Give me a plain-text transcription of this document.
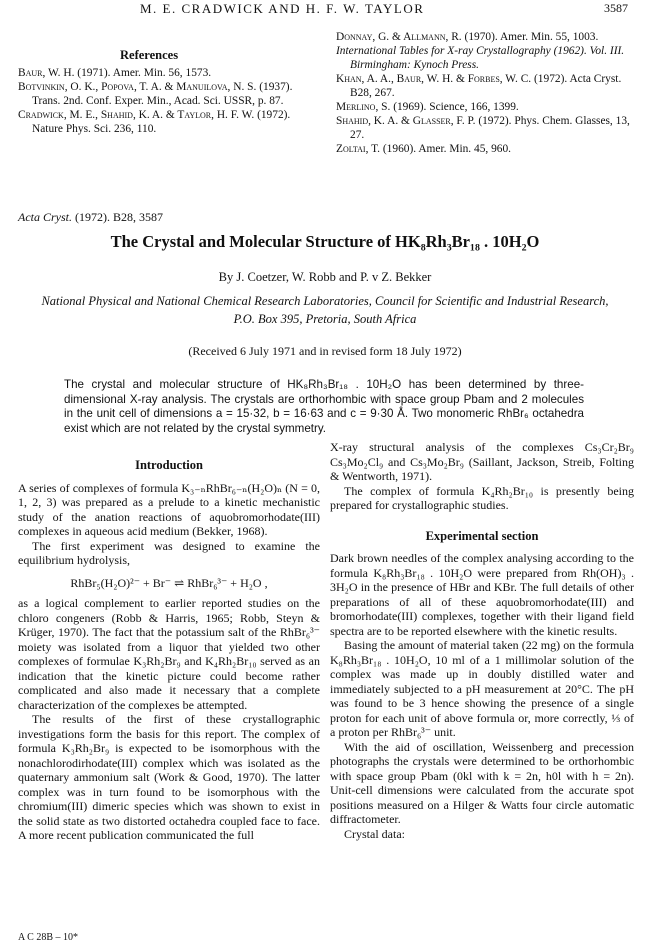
M. E. CRADWICK AND H. F. W. TAYLOR	3587
References

Baur, W. H. (1971). Amer. Min. 56, 1573.

Botvinkin, O. K., Popova, T. A. & Manuilova, N. S. (1937). Trans. 2nd. Conf. Exper. Min., Acad. Sci. USSR, p. 87.

Cradwick, M. E., Shahid, K. A. & Taylor, H. F. W. (1972). Nature Phys. Sci. 236, 110.

Donnay, G. & Allmann, R. (1970). Amer. Min. 55, 1003.

International Tables for X-ray Crystallography (1962). Vol. III. Birmingham: Kynoch Press.

Khan, A. A., Baur, W. H. & Forbes, W. C. (1972). Acta Cryst. B28, 267.

Merlino, S. (1969). Science, 166, 1399.

Shahid, K. A. & Glasser, F. P. (1972). Phys. Chem. Glasses, 13, 27.

Zoltai, T. (1960). Amer. Min. 45, 960.

Acta Cryst. (1972). B28, 3587
The Crystal and Molecular Structure of HK₈Rh₃Br₁₈ . 10H₂O
By J. Coetzer, W. Robb and P. v Z. Bekker
National Physical and National Chemical Research Laboratories, Council for Scientific and Industrial Research, P.O. Box 395, Pretoria, South Africa
(Received 6 July 1971 and in revised form 18 July 1972)
The crystal and molecular structure of HK₈Rh₃Br₁₈ . 10H₂O has been determined by three-dimensional X-ray analysis. The crystals are orthorhombic with space group Pbam and 2 molecules in the unit cell of dimensions a = 15·32, b = 16·63 and c = 9·30 Å. Two monomeric RhBr₆ octahedra exist which are not related by the crystal symmetry.
Introduction

A series of complexes of formula K₃₋ₙRhBr₆₋ₙ(H₂O)ₙ (N = 0, 1, 2, 3) was prepared as a prelude to a kinetic mechanistic study of the anation reactions of aquobromorhodate(III) complexes in aqueous acid medium (Bekker, 1968).

The first experiment was designed to examine the equilibrium hydrolysis,

RhBr₅(H₂O)²⁻ + Br⁻ ⇌ RhBr₆³⁻ + H₂O ,

as a logical complement to earlier reported studies on the chloro congeners (Robb & Harris, 1965; Robb, Steyn & Krüger, 1970). The fact that the potassium salt of the RhBr₆³⁻ moiety was isolated from a liquor that yielded two other complexes of formulae K₃Rh₂Br₉ and K₄Rh₂Br₁₀ served as an indication that the kinetic picture could become rather complicated and also made it necessary that a complete characterization of the complexes be attempted.

The results of the first of these crystallographic investigations form the basis for this report. The complex of formula K₃Rh₂Br₉ is expected to be isomorphous with the nonachlorodirhodate(III) complex which was isolated as the quaternary ammonium salt (Work & Good, 1970). The latter complex was in turn found to be isomorphous with the chromium(III) dimeric species which was shown to exist in the solid state as two distorted octahedra coupled face to face. A more recent publication communicated the full

X-ray structural analysis of the complexes Cs₃Cr₂Br₉ Cs₃Mo₂Cl₉ and Cs₃Mo₂Br₉ (Saillant, Jackson, Streib, Folting & Wentworth, 1971).

The complex of formula K₄Rh₂Br₁₀ is presently being prepared for crystallographic studies.

Experimental section

Dark brown needles of the complex analysing according to the formula K₈Rh₃Br₁₈ . 10H₂O were prepared from Rh(OH)₃ . 3H₂O in the presence of HBr and KBr. The full details of other preparations of all of these aquobromorhodate(III) and bromorhodate(III) complexes, together with their ligand field spectra are to be reported elsewhere with the kinetic results.

Basing the amount of material taken (22 mg) on the formula K₈Rh₃Br₁₈ . 10H₂O, 10 ml of a 1 millimolar solution of the complex was made up in doubly distilled water and immediately subjected to a pH measurement at 20°C. The pH was found to be 3 hence showing the presence of a single proton for each unit of above formula or, more correctly, ⅓ of a proton per RhBr₆³⁻ unit.

With the aid of oscillation, Weissenberg and precession photographs the crystals were determined to be orthorhombic with space group Pbam (0kl with k = 2n, h0l with h = 2n). Unit-cell dimensions were calculated from the accurate spot positions measured on a Hilger & Watts four circle automatic diffractometer.

Crystal data:

A C 28B – 10*
